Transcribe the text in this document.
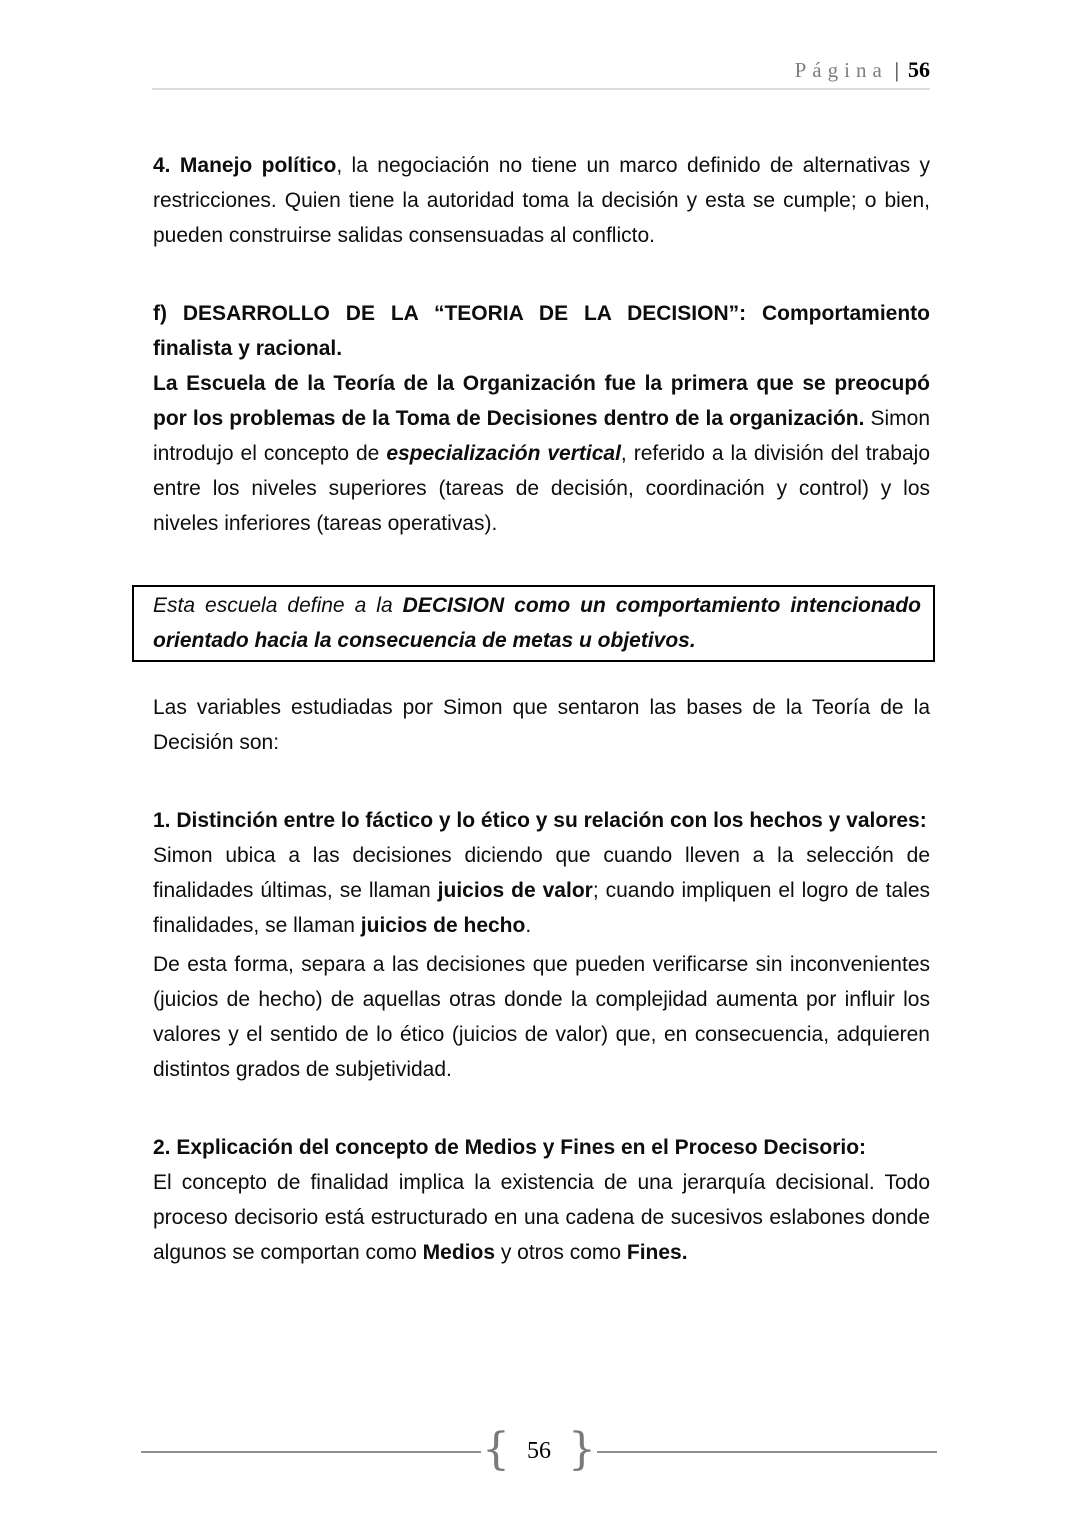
Página | 56

4. Manejo político, la negociación no tiene un marco definido de alternativas y restricciones. Quien tiene la autoridad toma la decisión y esta se cumple; o bien, pueden construirse salidas consensuadas al conflicto.

f) DESARROLLO DE LA “TEORIA DE LA DECISION”: Comportamiento finalista y racional.

La Escuela de la Teoría de la Organización fue la primera que se preocupó por los problemas de la Toma de Decisiones dentro de la organización. Simon introdujo el concepto de especialización vertical, referido a la división del trabajo entre los niveles superiores (tareas de decisión, coordinación y control) y los niveles inferiores (tareas operativas).

Esta escuela define a la DECISION como un comportamiento intencionado orientado hacia la consecuencia de metas u objetivos.

Las variables estudiadas por Simon que sentaron las bases de la Teoría de la Decisión son:

1. Distinción entre lo fáctico y lo ético y su relación con los hechos y valores:

Simon ubica a las decisiones diciendo que cuando lleven a la selección de finalidades últimas, se llaman juicios de valor; cuando impliquen el logro de tales finalidades, se llaman juicios de hecho.

De esta forma, separa a las decisiones que pueden verificarse sin inconvenientes (juicios de hecho) de aquellas otras donde la complejidad aumenta por influir los valores y el sentido de lo ético (juicios de valor) que, en consecuencia, adquieren distintos grados de subjetividad.

2. Explicación del concepto de Medios y Fines en el Proceso Decisorio:

El concepto de finalidad implica la existencia de una jerarquía decisional. Todo proceso decisorio está estructurado en una cadena de sucesivos eslabones donde algunos se comportan como Medios y otros como Fines.

{ 56 }
